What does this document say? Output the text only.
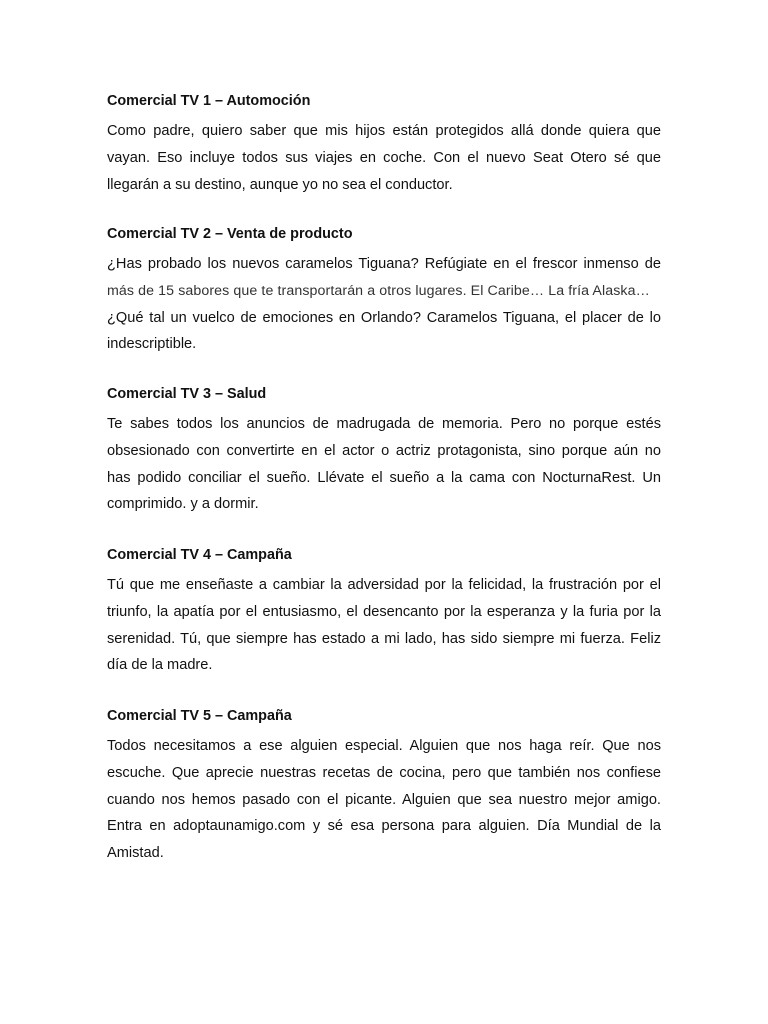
Comercial TV 1 – Automoción
Como padre, quiero saber que mis hijos están protegidos allá donde quiera que
vayan. Eso incluye todos sus viajes en coche. Con el nuevo Seat Otero sé que
llegarán a su destino, aunque yo no sea el conductor.
Comercial TV 2 – Venta de producto
¿Has probado los nuevos caramelos Tiguana? Refúgiate en el frescor inmenso de
más de 15 sabores que te transportarán a otros lugares. El Caribe… La fría Alaska…
¿Qué tal un vuelco de emociones en Orlando? Caramelos Tiguana, el placer de lo
indescriptible.
Comercial TV 3 – Salud
Te sabes todos los anuncios de madrugada de memoria. Pero no porque estés
obsesionado con convertirte en el actor o actriz protagonista, sino porque aún no
has podido conciliar el sueño. Llévate el sueño a la cama con NocturnaRest. Un
comprimido. y a dormir.
Comercial TV 4 – Campaña
Tú que me enseñaste a cambiar la adversidad por la felicidad, la frustración por el
triunfo, la apatía por el entusiasmo, el desencanto por la esperanza y la furia por la
serenidad. Tú, que siempre has estado a mi lado, has sido siempre mi fuerza. Feliz
día de la madre.
Comercial TV 5 – Campaña
Todos necesitamos a ese alguien especial. Alguien que nos haga reír. Que nos
escuche. Que aprecie nuestras recetas de cocina, pero que también nos confiese
cuando nos hemos pasado con el picante. Alguien que sea nuestro mejor amigo.
Entra en adoptaunamigo.com y sé esa persona para alguien. Día Mundial de la
Amistad.
